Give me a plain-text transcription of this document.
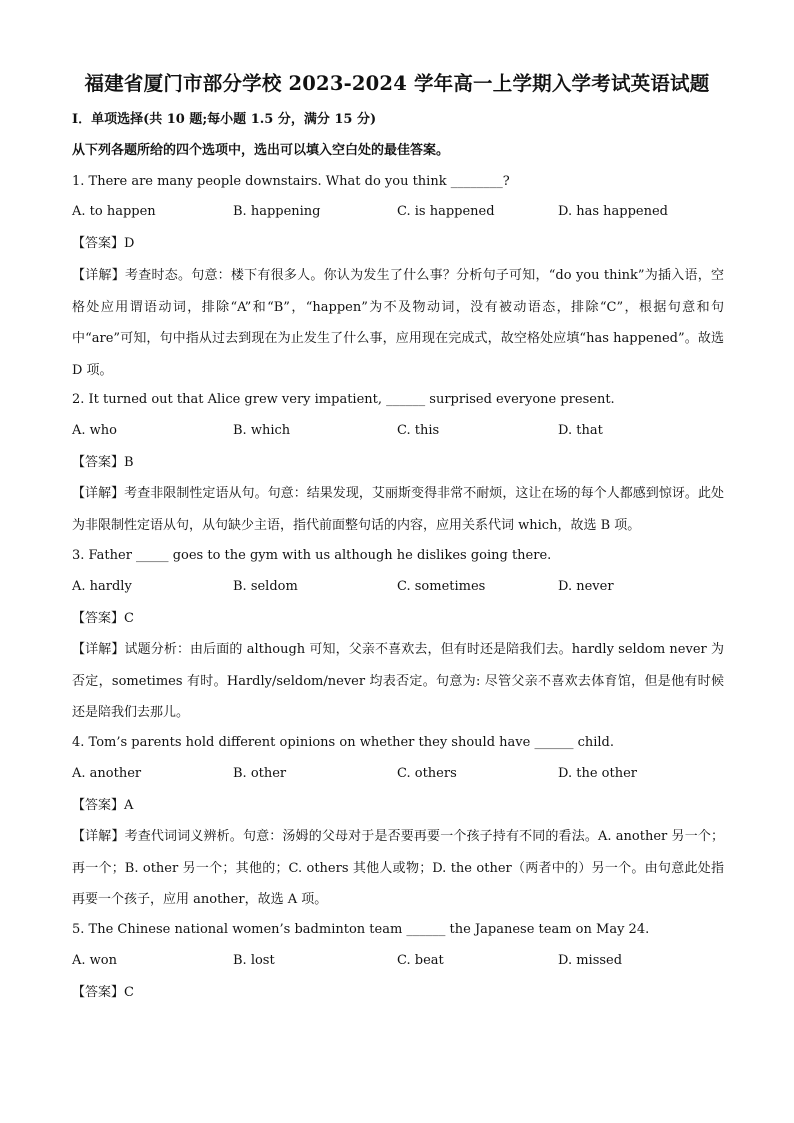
福建省厦门市部分学校 2023-2024 学年高一上学期入学考试英语试题
I．单项选择(共 10 题;每小题 1.5 分，满分 15 分)
从下列各题所给的四个选项中，选出可以填入空白处的最佳答案。
1. There are many people downstairs. What do you think ________?
A. to happen	B. happening	C. is happened	D. has happened
【答案】D
【详解】考查时态。句意：楼下有很多人。你认为发生了什么事？分析句子可知，“do you think”为插入语，空格处应用谓语动词，排除“A”和“B”，“happen”为不及物动词，没有被动语态，排除“C”，根据句意和句中“are”可知，句中指从过去到现在为止发生了什么事，应用现在完成式，故空格处应填“has happened”。故选 D 项。
2. It turned out that Alice grew very impatient, ______ surprised everyone present.
A. who	B. which	C. this	D. that
【答案】B
【详解】考查非限制性定语从句。句意：结果发现，艾丽斯变得非常不耐烦，这让在场的每个人都感到惊讶。此处为非限制性定语从句，从句缺少主语，指代前面整句话的内容，应用关系代词 which，故选 B 项。
3. Father _____ goes to the gym with us although he dislikes going there.
A. hardly	B. seldom	C. sometimes	D. never
【答案】C
【详解】试题分析：由后面的 although 可知，父亲不喜欢去，但有时还是陪我们去。hardly seldom never 为否定，sometimes 有时。Hardly/seldom/never 均表否定。句意为: 尽管父亲不喜欢去体育馆，但是他有时候还是陪我们去那儿。
4. Tom’s parents hold different opinions on whether they should have ______ child.
A. another	B. other	C. others	D. the other
【答案】A
【详解】考查代词词义辨析。句意：汤姆的父母对于是否要再要一个孩子持有不同的看法。A. another 另一个；再一个；B. other 另一个；其他的；C. others 其他人或物；D. the other（两者中的）另一个。由句意此处指再要一个孩子，应用 another，故选 A 项。
5. The Chinese national women’s badminton team ______ the Japanese team on May 24.
A. won	B. lost	C. beat	D. missed
【答案】C
